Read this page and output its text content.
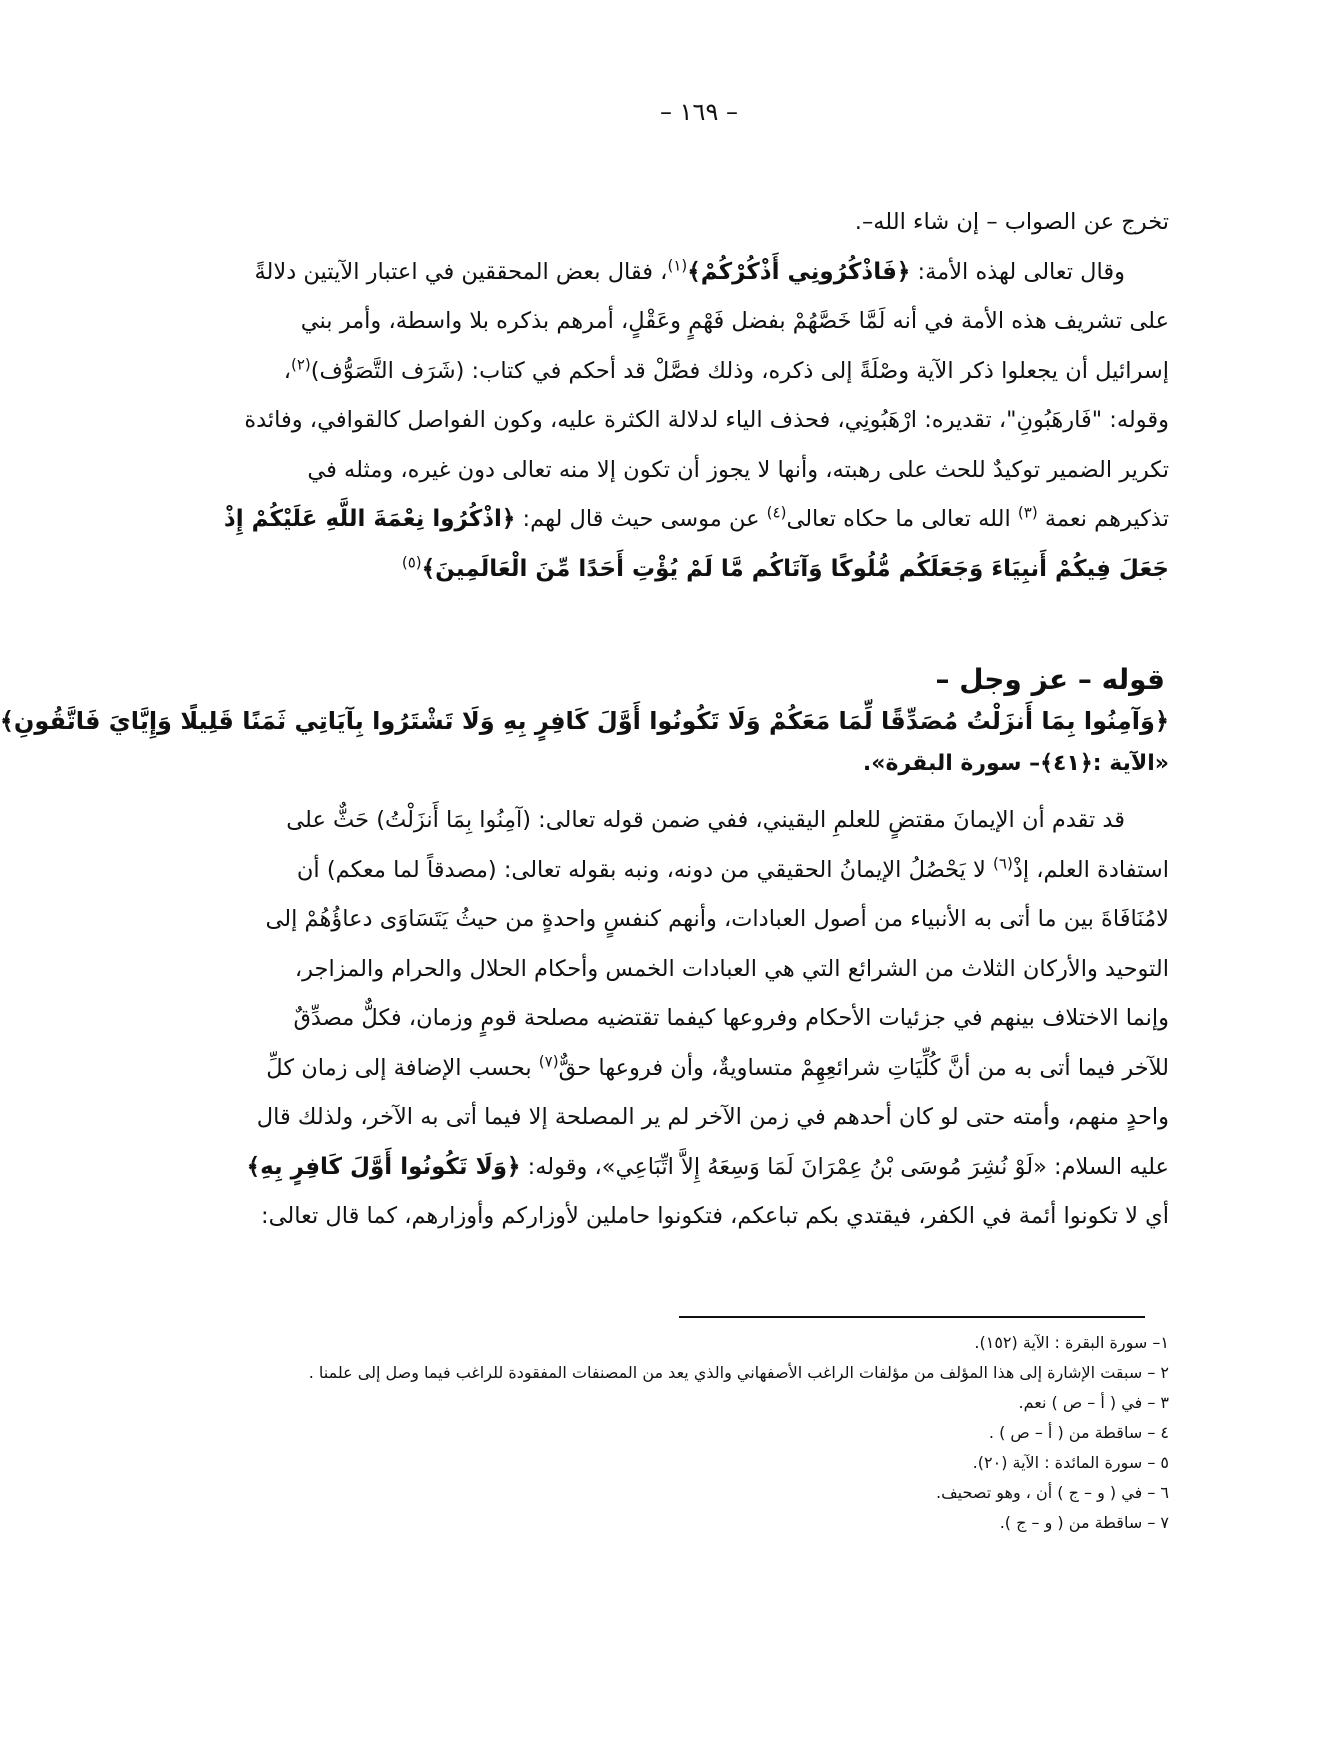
– ١٦٩ –
تخرج عن الصواب – إن شاء الله–.
وقال تعالى لهذه الأمة: ﴿فَاذْكُرُونِي أَذْكُرْكُمْ﴾$^{(١)}$، فقال بعض المحققين في اعتبار الآيتين دلالةً
على تشريف هذه الأمة في أنه لَمَّا خَصَّهُمْ بفضل فَهْمٍ وعَقْلٍ، أمرهم بذكره بلا واسطة، وأمر بني
إسرائيل أن يجعلوا ذكر الآية وصْلَةً إلى ذكره، وذلك فصَّلْ قد أحكم في كتاب: (شَرَف التَّصَوُّف)$^{(٢)}$،
وقوله: "فَارهَبُونِ"، تقديره: ارْهَبُونِي، فحذف الياء لدلالة الكثرة عليه، وكون الفواصل كالقوافي، وفائدة
تكرير الضمير توكيدٌ للحث على رهبته، وأنها لا يجوز أن تكون إلا منه تعالى دون غيره، ومثله في
تذكيرهم نعمة $^{(٣)}$ الله تعالى ما حكاه تعالى$^{(٤)}$ عن موسى حيث قال لهم: ﴿اذْكُرُوا نِعْمَةَ اللَّهِ عَلَيْكُمْ إِذْ
جَعَلَ فِيكُمْ أَنبِيَاءَ وَجَعَلَكُم مُّلُوكًا وَآتَاكُم مَّا لَمْ يُؤْتِ أَحَدًا مِّنَ الْعَالَمِينَ﴾$^{(٥)}$
قوله – عز وجل –
﴿وَآمِنُوا بِمَا أَنزَلْتُ مُصَدِّقًا لِّمَا مَعَكُمْ وَلَا تَكُونُوا أَوَّلَ كَافِرٍ بِهِ وَلَا تَشْتَرُوا بِآيَاتِي ثَمَنًا قَلِيلًا وَإِيَّايَ فَاتَّقُونِ﴾
«الآية :﴿٤١﴾– سورة البقرة».
قد تقدم أن الإيمانَ مقتضٍ للعلمِ اليقيني، ففي ضمن قوله تعالى: (آمِنُوا بِمَا أَنزَلْتُ) حَثٌّ على
استفادة العلم، إذْ$^{(٦)}$ لا يَحْصُلُ الإيمانُ الحقيقي من دونه، ونبه بقوله تعالى: (مصدقاً لما معكم) أن
لامُنَافَاةَ بين ما أتى به الأنبياء من أصول العبادات، وأنهم كنفسٍ واحدةٍ من حيثُ يَتَسَاوَى دعاؤُهُمْ إلى
التوحيد والأركان الثلاث من الشرائع التي هي العبادات الخمس وأحكام الحلال والحرام والمزاجر،
وإنما الاختلاف بينهم في جزئيات الأحكام وفروعها كيفما تقتضيه مصلحة قومٍ وزمان، فكلٌّ مصدِّقٌ
للآخر فيما أتى به من أنَّ كُلِّيَاتِ شرائعِهِمْ متساويةٌ، وأن فروعها حقٌّ$^{(٧)}$ بحسب الإضافة إلى زمان كلِّ
واحدٍ منهم، وأمته حتى لو كان أحدهم في زمن الآخر لم ير المصلحة إلا فيما أتى به الآخر، ولذلك قال
عليه السلام: «لَوْ نُشِرَ مُوسَى بْنُ عِمْرَانَ لَمَا وَسِعَهُ إِلاَّ اتِّبَاعِي»، وقوله: ﴿وَلَا تَكُونُوا أَوَّلَ كَافِرٍ بِهِ﴾
أي لا تكونوا أئمة في الكفر، فيقتدي بكم تباعكم، فتكونوا حاملين لأوزاركم وأوزارهم، كما قال تعالى:
١– سورة البقرة : الآية (١٥٢).
٢ – سبقت الإشارة إلى هذا المؤلف من مؤلفات الراغب الأصفهاني والذي يعد من المصنفات المفقودة للراغب فيما وصل إلى علمنا .
٣ – في ( أ – ص ) نعم.
٤ – ساقطة من ( أ – ص ) .
٥ – سورة المائدة : الآية (٢٠).
٦ – في ( و – ج ) أن ، وهو تصحيف.
٧ – ساقطة من ( و – ج ).
